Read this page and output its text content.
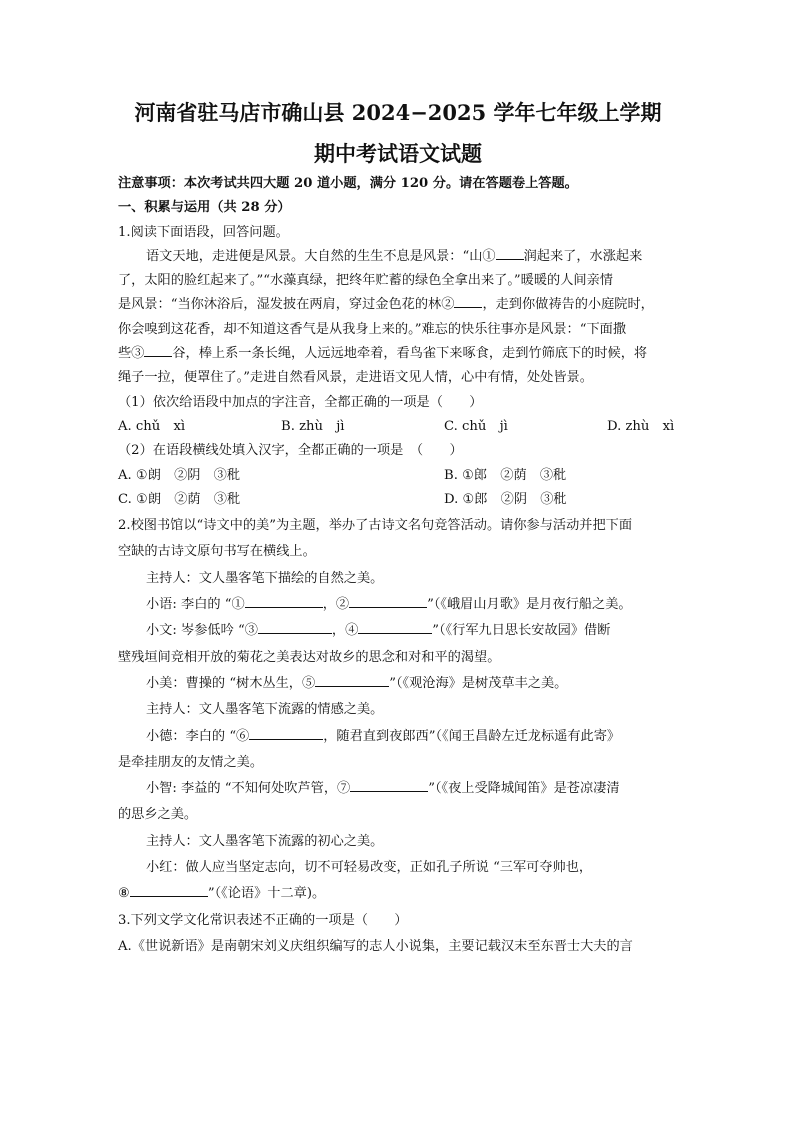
河南省驻马店市确山县 2024−2025 学年七年级上学期
期中考试语文试题
注意事项：本次考试共四大题 20 道小题，满分 120 分。请在答题卷上答题。
一、积累与运用（共 28 分）
1.阅读下面语段，回答问题。
语文天地，走进便是风景。大自然的生生不息是风景：“山① 润起来了，水涨起来
了，太阳的脸红起来了。”“水藻真绿，把终年贮蓄的绿色全拿出来了。”暖暖的人间亲情
是风景：“当你沐浴后，湿发披在两肩，穿过金色花的林② ，走到你做祷告的小庭院时，
你会嗅到这花香，却不知道这香气是从我身上来的。”难忘的快乐往事亦是风景：“下面撒
些③ 谷，棒上系一条长绳，人远远地牵着，看鸟雀下来啄食，走到竹筛底下的时候，将
绳子一拉，便罩住了。”走进自然看风景，走进语文见人情，心中有情，处处皆景。
（1）依次给语段中加点的字注音，全都正确的一项是（　　）
A. chǔ　xì	B. zhù　jì	C. chǔ　jì	D. zhù　xì
（2）在语段横线处填入汉字，全都正确的一项是　（　　）
A. ①朗　②阴　③秕	B. ①郎　②荫　③秕
C. ①朗　②荫　③秕	D. ①郎　②阴　③秕
2.校图书馆以“诗文中的美”为主题，举办了古诗文名句竞答活动。请你参与活动并把下面
空缺的古诗文原句书写在横线上。
主持人：文人墨客笔下描绘的自然之美。
小语: 李白的 “①	，②	”（《峨眉山月歌》是月夜行船之美。
小文: 岑参低吟 “③	，④	”（《行军九日思长安故园》借断
壁残垣间竞相开放的菊花之美表达对故乡的思念和对和平的渴望。
小美：曹操的 “树木丛生，⑤	”（《观沧海》是树茂草丰之美。
主持人：文人墨客笔下流露的情感之美。
小德：李白的 “⑥	，随君直到夜郎西”（《闻王昌龄左迁龙标遥有此寄》
是牵挂朋友的友情之美。
小智: 李益的 “不知何处吹芦管，⑦	”（《夜上受降城闻笛》是苍凉凄清
的思乡之美。
主持人：文人墨客笔下流露的初心之美。
小红：做人应当坚定志向，切不可轻易改变，正如孔子所说 “三军可夺帅也，
⑧	”（《论语》十二章)。
3.下列文学文化常识表述不正确的一项是（　　）
A.《世说新语》是南朝宋刘义庆组织编写的志人小说集，主要记载汉末至东晋士大夫的言
